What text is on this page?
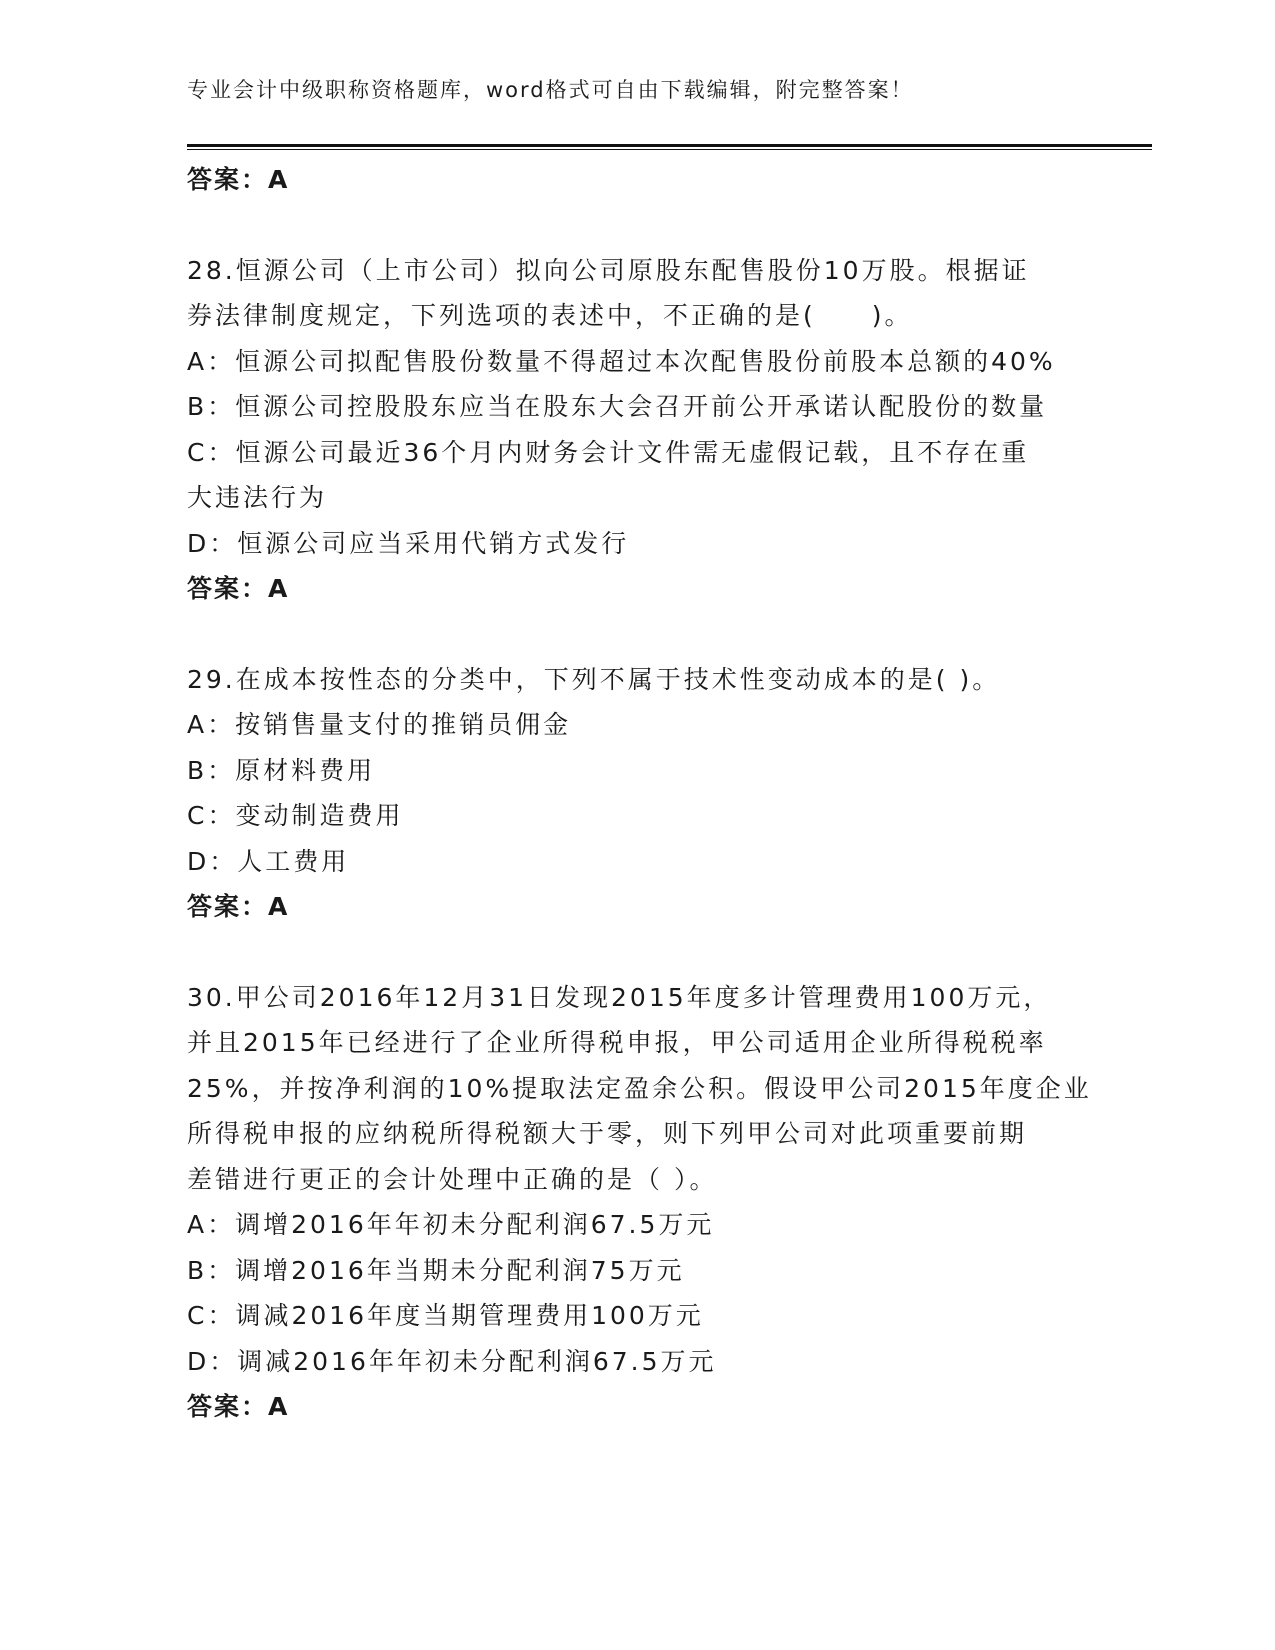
专业会计中级职称资格题库，word格式可自由下载编辑，附完整答案！
答案：A
28.恒源公司（上市公司）拟向公司原股东配售股份10万股。根据证
券法律制度规定，下列选项的表述中，不正确的是(　　)。
A：恒源公司拟配售股份数量不得超过本次配售股份前股本总额的40%
B：恒源公司控股股东应当在股东大会召开前公开承诺认配股份的数量
C：恒源公司最近36个月内财务会计文件需无虚假记载，且不存在重
大违法行为
D：恒源公司应当采用代销方式发行
答案：A
29.在成本按性态的分类中，下列不属于技术性变动成本的是( )。
A：按销售量支付的推销员佣金
B：原材料费用
C：变动制造费用
D：人工费用
答案：A
30.甲公司2016年12月31日发现2015年度多计管理费用100万元，
并且2015年已经进行了企业所得税申报，甲公司适用企业所得税税率
25%，并按净利润的10%提取法定盈余公积。假设甲公司2015年度企业
所得税申报的应纳税所得税额大于零，则下列甲公司对此项重要前期
差错进行更正的会计处理中正确的是（ ）。
A：调增2016年年初未分配利润67.5万元
B：调增2016年当期未分配利润75万元
C：调减2016年度当期管理费用100万元
D：调减2016年年初未分配利润67.5万元
答案：A
